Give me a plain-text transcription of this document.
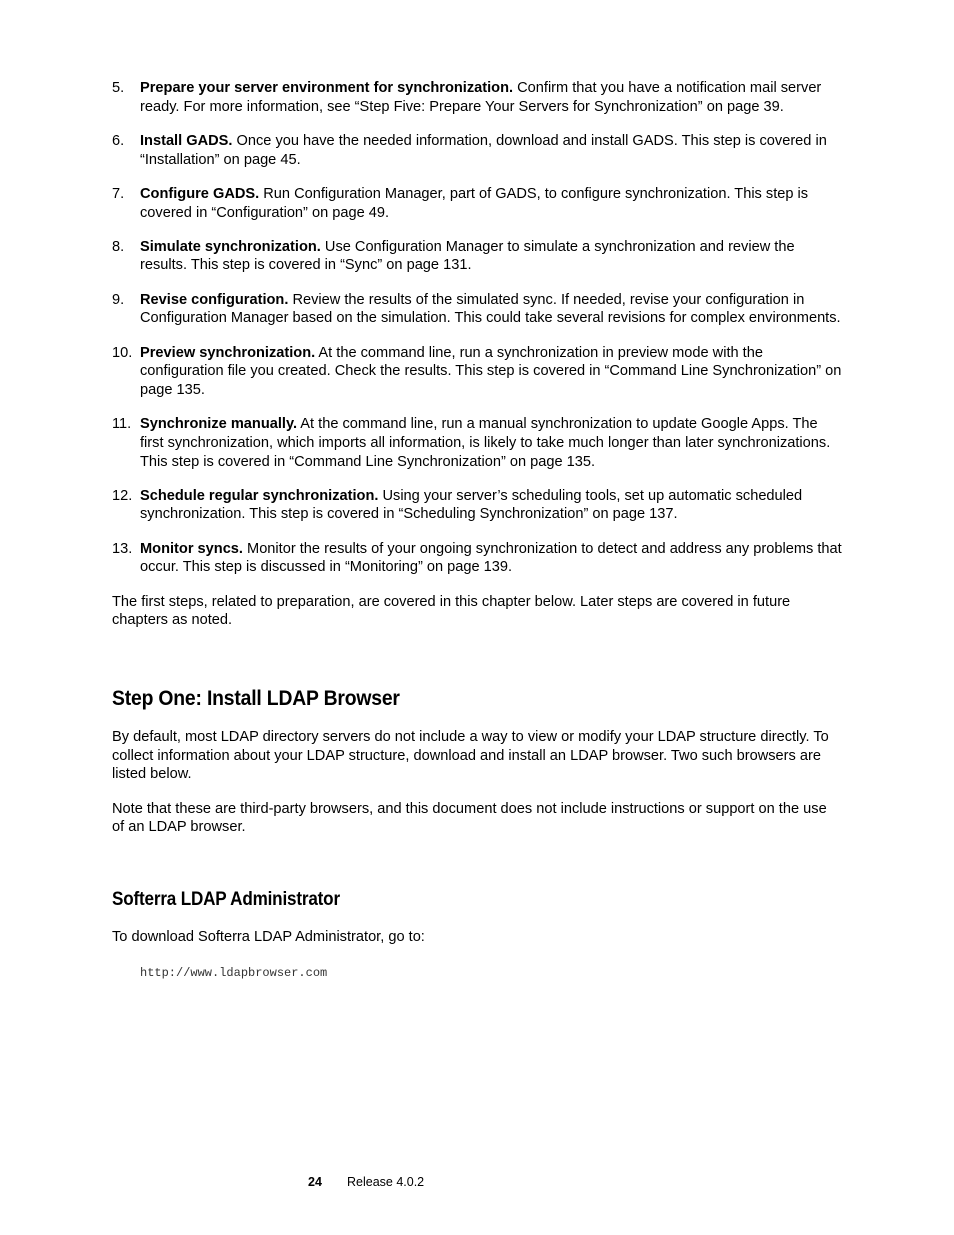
5. Prepare your server environment for synchronization. Confirm that you have a notification mail server ready. For more information, see “Step Five: Prepare Your Servers for Synchronization” on page 39.
6. Install GADS. Once you have the needed information, download and install GADS. This step is covered in “Installation” on page 45.
7. Configure GADS. Run Configuration Manager, part of GADS, to configure synchronization. This step is covered in “Configuration” on page 49.
8. Simulate synchronization. Use Configuration Manager to simulate a synchronization and review the results. This step is covered in “Sync” on page 131.
9. Revise configuration. Review the results of the simulated sync. If needed, revise your configuration in Configuration Manager based on the simulation. This could take several revisions for complex environments.
10. Preview synchronization. At the command line, run a synchronization in preview mode with the configuration file you created. Check the results. This step is covered in “Command Line Synchronization” on page 135.
11. Synchronize manually. At the command line, run a manual synchronization to update Google Apps. The first synchronization, which imports all information, is likely to take much longer than later synchronizations. This step is covered in “Command Line Synchronization” on page 135.
12. Schedule regular synchronization. Using your server’s scheduling tools, set up automatic scheduled synchronization. This step is covered in “Scheduling Synchronization” on page 137.
13. Monitor syncs. Monitor the results of your ongoing synchronization to detect and address any problems that occur. This step is discussed in “Monitoring” on page 139.

The first steps, related to preparation, are covered in this chapter below. Later steps are covered in future chapters as noted.

Step One: Install LDAP Browser

By default, most LDAP directory servers do not include a way to view or modify your LDAP structure directly. To collect information about your LDAP structure, download and install an LDAP browser. Two such browsers are listed below.

Note that these are third-party browsers, and this document does not include instructions or support on the use of an LDAP browser.

Softerra LDAP Administrator

To download Softerra LDAP Administrator, go to:

http://www.ldapbrowser.com
24 Release 4.0.2
